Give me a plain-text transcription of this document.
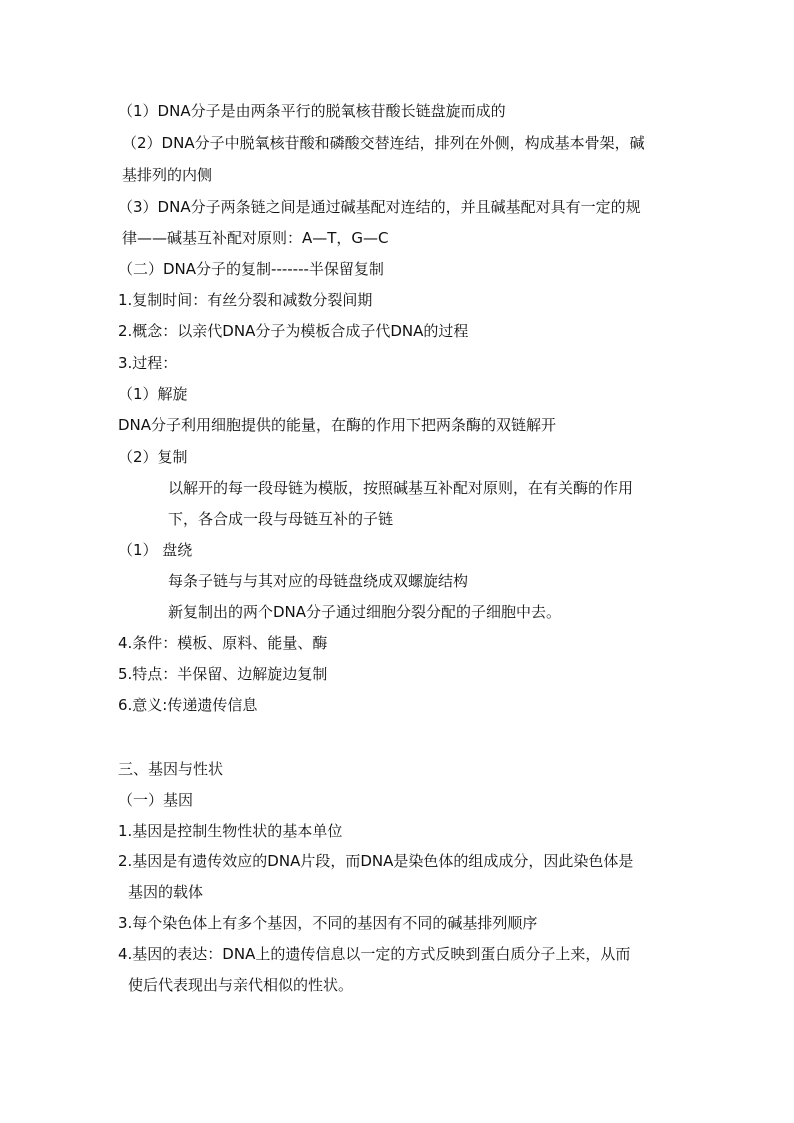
（1）DNA分子是由两条平行的脱氧核苷酸长链盘旋而成的
（2）DNA分子中脱氧核苷酸和磷酸交替连结，排列在外侧，构成基本骨架，碱
基排列的内侧
（3）DNA分子两条链之间是通过碱基配对连结的，并且碱基配对具有一定的规
律——碱基互补配对原则：A—T，G—C
（二）DNA分子的复制-------半保留复制
1.复制时间：有丝分裂和减数分裂间期
2.概念：以亲代DNA分子为模板合成子代DNA的过程
3.过程：
（1）解旋
DNA分子利用细胞提供的能量，在酶的作用下把两条酶的双链解开
（2）复制
以解开的每一段母链为模版，按照碱基互补配对原则，在有关酶的作用
下，各合成一段与母链互补的子链
（1） 盘绕
每条子链与与其对应的母链盘绕成双螺旋结构
新复制出的两个DNA分子通过细胞分裂分配的子细胞中去。
4.条件：模板、原料、能量、酶
5.特点：半保留、边解旋边复制
6.意义:传递遗传信息
三、基因与性状
（一）基因
1.基因是控制生物性状的基本单位
2.基因是有遗传效应的DNA片段，而DNA是染色体的组成成分，因此染色体是
基因的载体
3.每个染色体上有多个基因，不同的基因有不同的碱基排列顺序
4.基因的表达：DNA上的遗传信息以一定的方式反映到蛋白质分子上来，从而
使后代表现出与亲代相似的性状。
